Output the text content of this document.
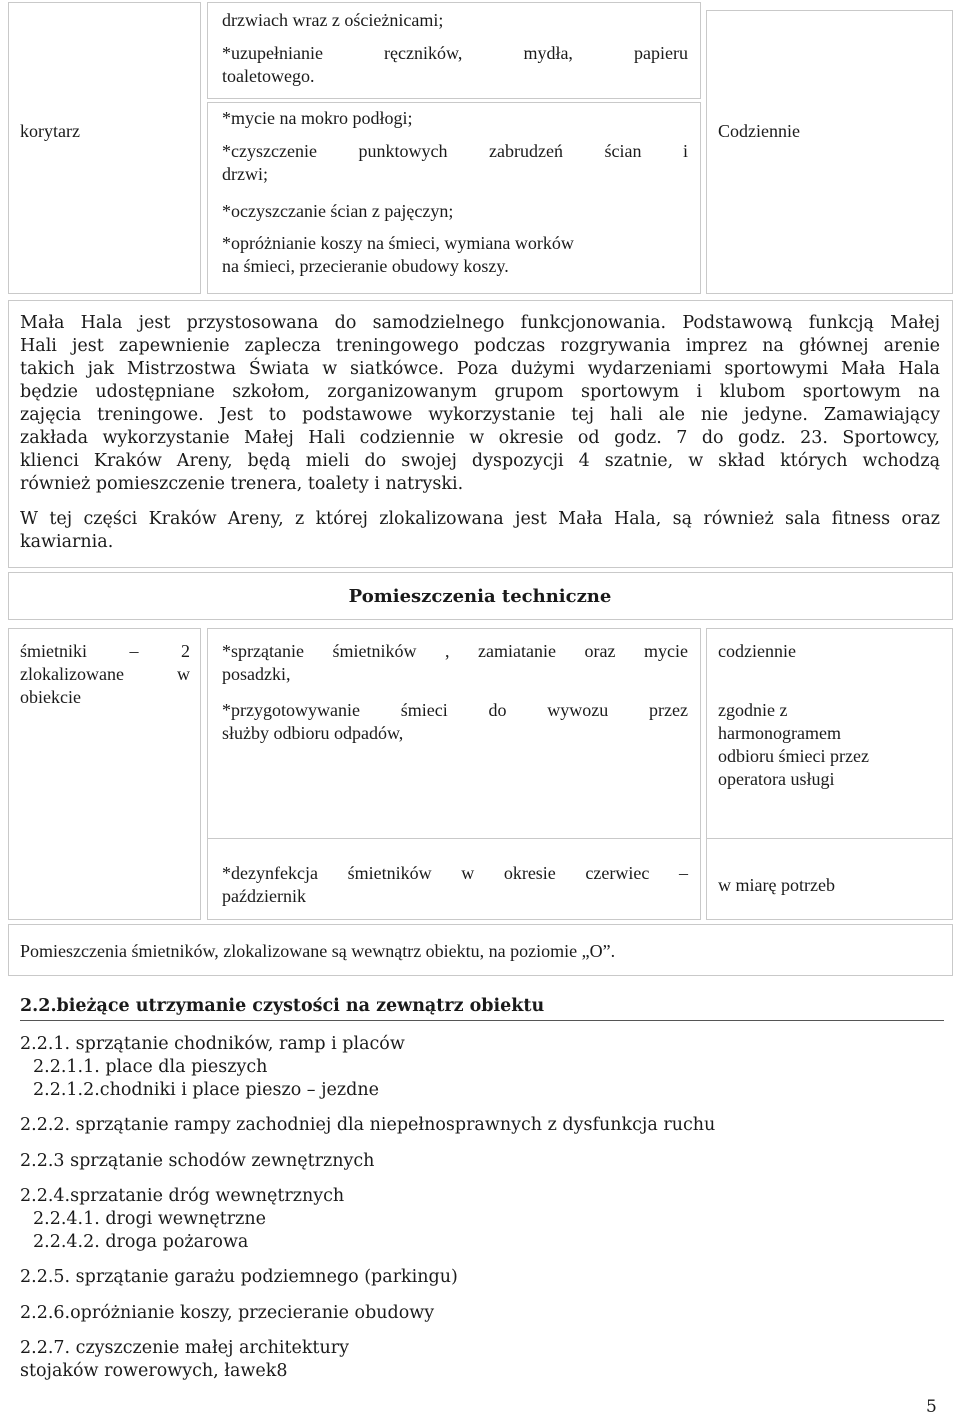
korytarz	Codziennie
drzwiach wraz z ościeżnicami;
*uzupełnianie ręczników, mydła, papieru
toaletowego.
*mycie na mokro podłogi;
*czyszczenie punktowych zabrudzeń ścian i
drzwi;
*oczyszczanie ścian z pajęczyn;
*opróżnianie koszy na śmieci, wymiana worków
na śmieci, przecieranie obudowy koszy.
Mała Hala jest przystosowana do samodzielnego funkcjonowania. Podstawową funkcją Małej
Hali jest zapewnienie zaplecza treningowego podczas rozgrywania imprez na głównej arenie
takich jak Mistrzostwa Świata w siatkówce. Poza dużymi wydarzeniami sportowymi Mała Hala
będzie udostępniane szkołom, zorganizowanym grupom sportowym i klubom sportowym na
zajęcia treningowe. Jest to podstawowe wykorzystanie tej hali ale nie jedyne. Zamawiający
zakłada wykorzystanie Małej Hali codziennie w okresie od godz. 7 do godz. 23. Sportowcy,
klienci Kraków Areny, będą mieli do swojej dyspozycji 4 szatnie, w skład których wchodzą
również pomieszczenie trenera, toalety i natryski.
W tej części Kraków Areny, z której zlokalizowana jest Mała Hala, są również sala fitness oraz
kawiarnia.
Pomieszczenia techniczne
śmietniki – 2
zlokalizowane w
obiekcie
*sprzątanie śmietników , zamiatanie oraz mycie
posadzki,
*przygotowywanie śmieci do wywozu przez
służby odbioru odpadów,
codziennie
zgodnie z
harmonogramem
odbioru śmieci przez
operatora usługi
*dezynfekcja śmietników w okresie czerwiec –
październik
w miarę potrzeb
Pomieszczenia śmietników, zlokalizowane są wewnątrz obiektu, na poziomie „O”.
2.2.bieżące utrzymanie czystości na zewnątrz obiektu
2.2.1. sprzątanie chodników, ramp i placów
2.2.1.1. place dla pieszych
2.2.1.2.chodniki i place pieszo – jezdne
2.2.2. sprzątanie rampy zachodniej dla niepełnosprawnych z dysfunkcja ruchu
2.2.3 sprzątanie schodów zewnętrznych
2.2.4.sprzatanie dróg wewnętrznych
2.2.4.1. drogi wewnętrzne
2.2.4.2. droga pożarowa
2.2.5. sprzątanie garażu podziemnego (parkingu)
2.2.6.opróżnianie koszy, przecieranie obudowy
2.2.7. czyszczenie małej architektury
stojaków rowerowych, ławek8
5
